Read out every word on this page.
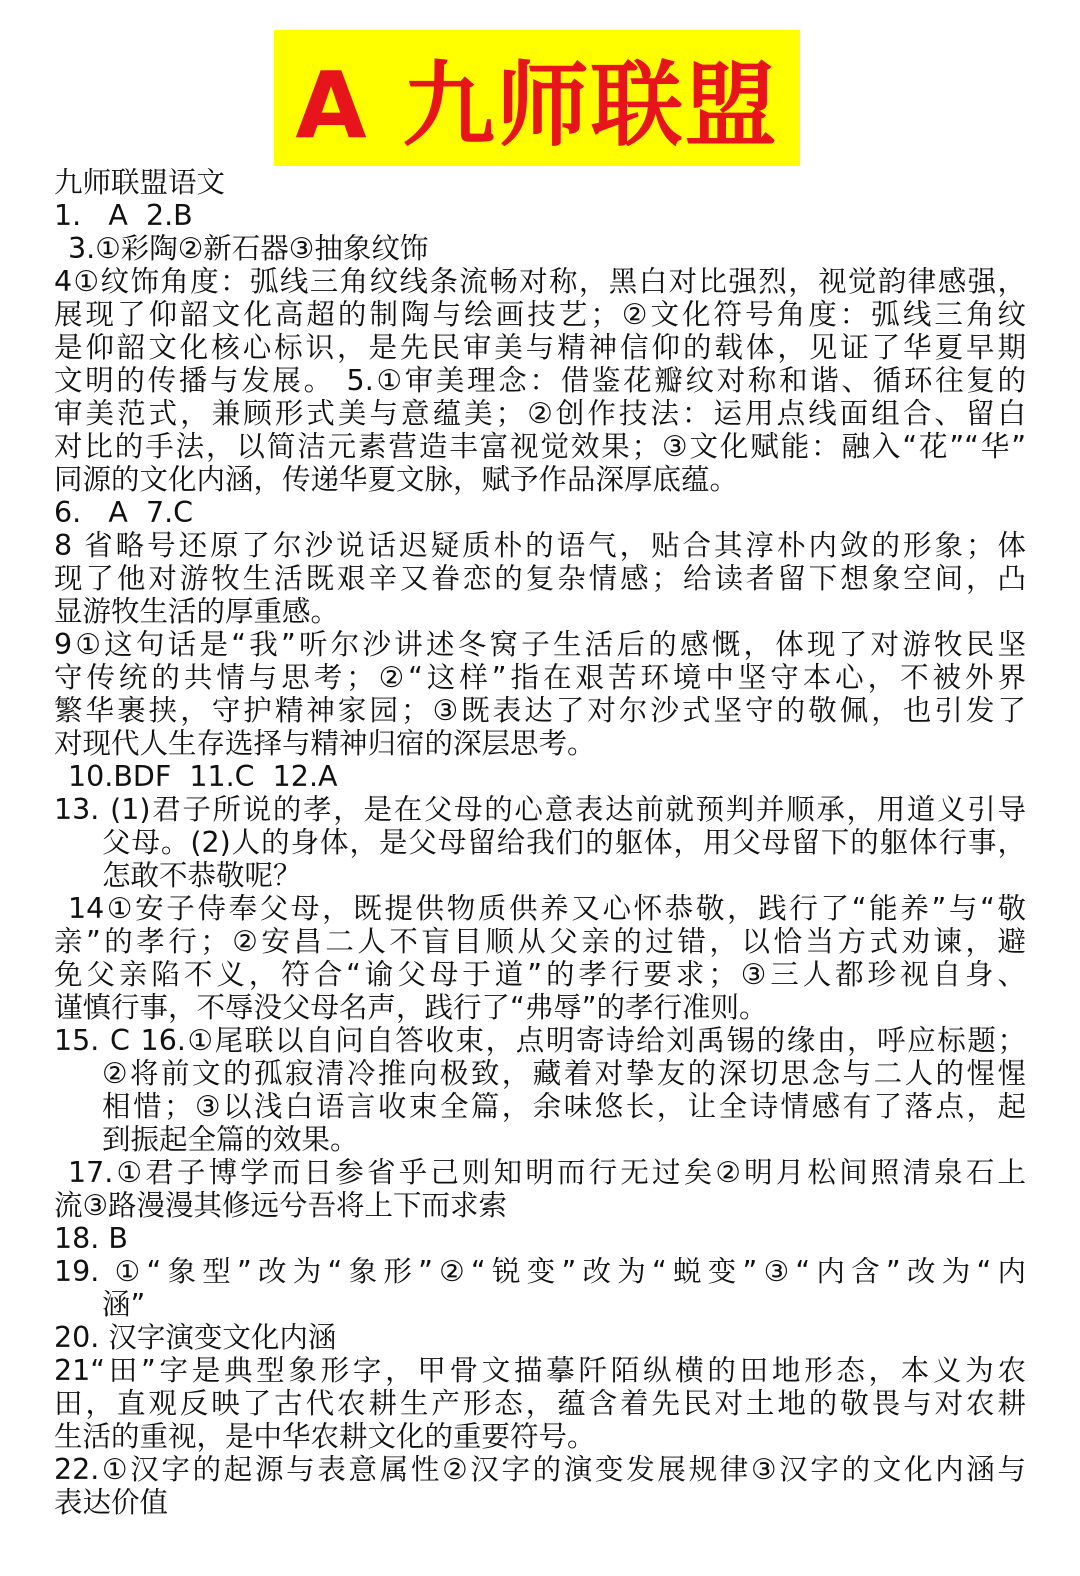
A 九师联盟
九师联盟语文
1.   A  2.B
3.①彩陶②新石器③抽象纹饰
4①纹饰角度：弧线三角纹线条流畅对称，黑白对比强烈，视觉韵律感强，
展现了仰韶文化高超的制陶与绘画技艺；②文化符号角度：弧线三角纹
是仰韶文化核心标识，是先民审美与精神信仰的载体，见证了华夏早期
文明的传播与发展。 5.①审美理念：借鉴花瓣纹对称和谐、循环往复的
审美范式，兼顾形式美与意蕴美；②创作技法：运用点线面组合、留白
对比的手法，以简洁元素营造丰富视觉效果；③文化赋能：融入“花”“华”
同源的文化内涵，传递华夏文脉，赋予作品深厚底蕴。
6.   A  7.C
8 省略号还原了尔沙说话迟疑质朴的语气，贴合其淳朴内敛的形象；体
现了他对游牧生活既艰辛又眷恋的复杂情感；给读者留下想象空间，凸
显游牧生活的厚重感。
9①这句话是“我”听尔沙讲述冬窝子生活后的感慨，体现了对游牧民坚
守传统的共情与思考；②“这样”指在艰苦环境中坚守本心，不被外界
繁华裹挟，守护精神家园；③既表达了对尔沙式坚守的敬佩，也引发了
对现代人生存选择与精神归宿的深层思考。
10.BDF  11.C  12.A
13. (1)君子所说的孝，是在父母的心意表达前就预判并顺承，用道义引导
父母。(2)人的身体，是父母留给我们的躯体，用父母留下的躯体行事，
怎敢不恭敬呢？
14①安子侍奉父母，既提供物质供养又心怀恭敬，践行了“能养”与“敬
亲”的孝行；②安昌二人不盲目顺从父亲的过错，以恰当方式劝谏，避
免父亲陷不义，符合“谕父母于道”的孝行要求；③三人都珍视自身、
谨慎行事，不辱没父母名声，践行了“弗辱”的孝行准则。
15. C 16.①尾联以自问自答收束，点明寄诗给刘禹锡的缘由，呼应标题；
②将前文的孤寂清冷推向极致，藏着对挚友的深切思念与二人的惺惺
相惜；③以浅白语言收束全篇，余味悠长，让全诗情感有了落点，起
到振起全篇的效果。
17.①君子博学而日参省乎己则知明而行无过矣②明月松间照清泉石上
流③路漫漫其修远兮吾将上下而求索
18. B
19. ①“象型”改为“象形”②“锐变”改为“蜕变”③“内含”改为“内
涵”
20. 汉字演变文化内涵
21“田”字是典型象形字，甲骨文描摹阡陌纵横的田地形态，本义为农
田，直观反映了古代农耕生产形态，蕴含着先民对土地的敬畏与对农耕
生活的重视，是中华农耕文化的重要符号。
22.①汉字的起源与表意属性②汉字的演变发展规律③汉字的文化内涵与
表达价值
